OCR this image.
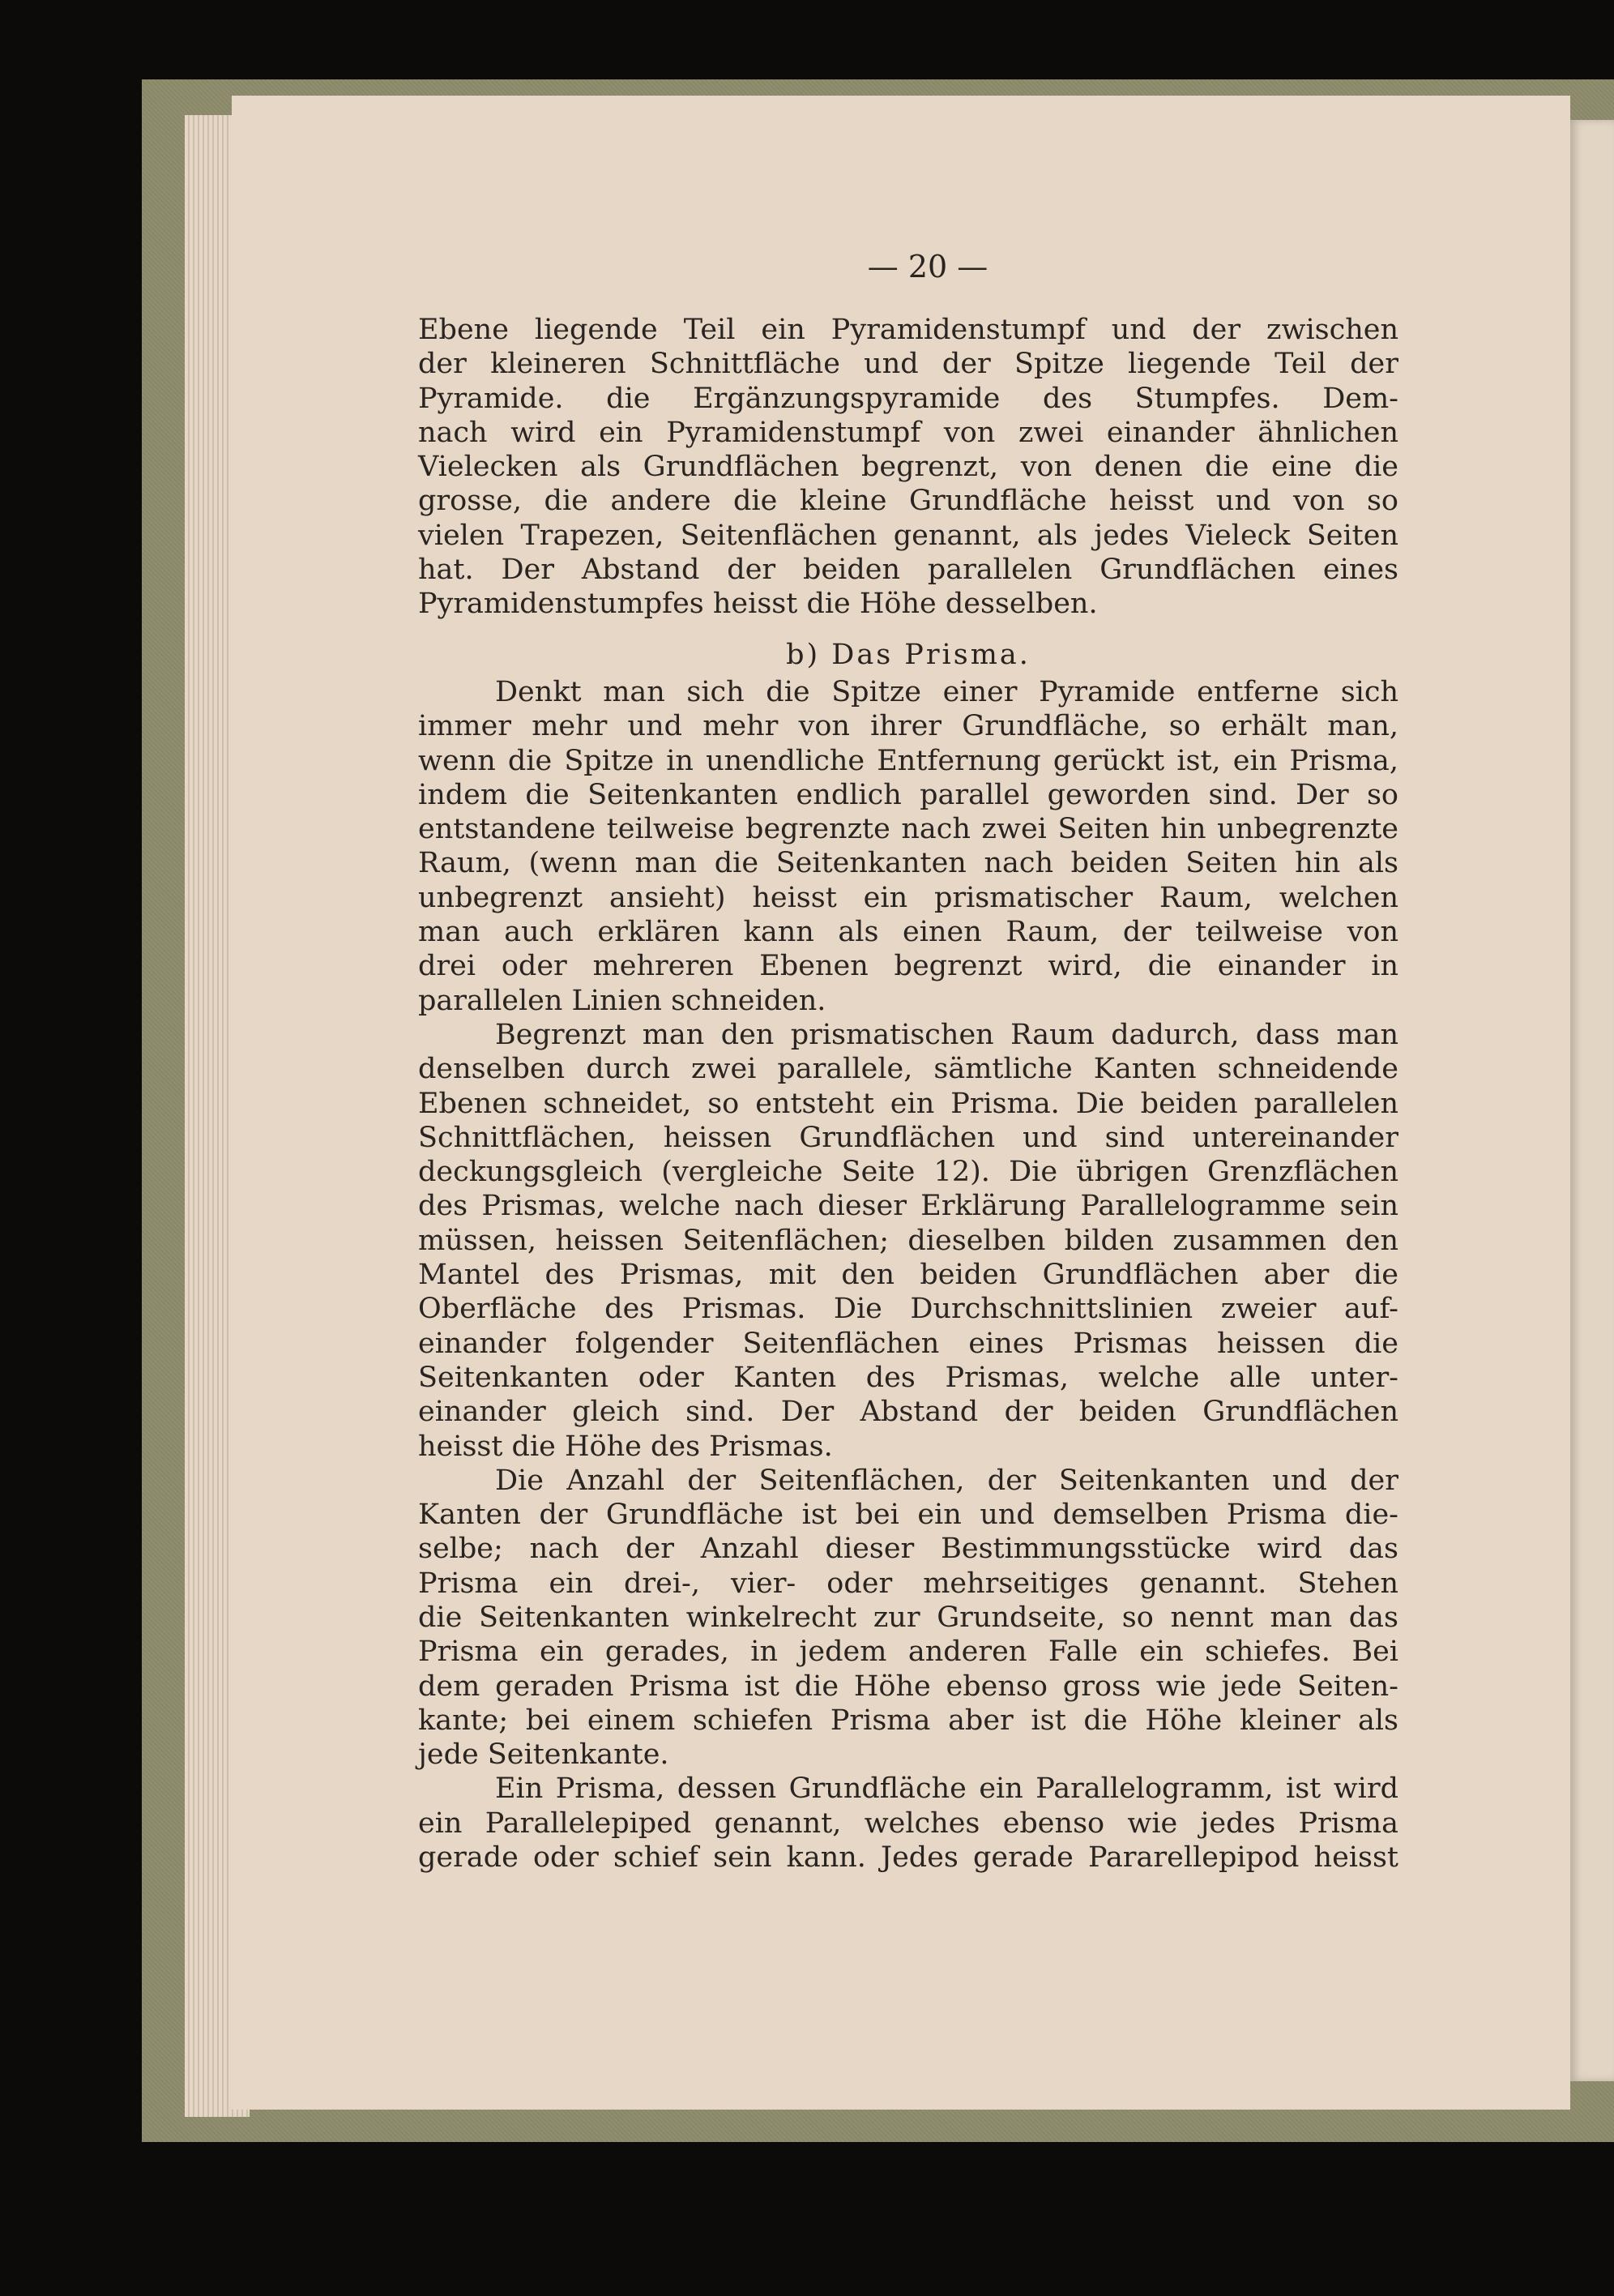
— 20 —
Ebene liegende Teil ein Pyramidenstumpf und der zwischen
der kleineren Schnittfläche und der Spitze liegende Teil der
Pyramide. die Ergänzungspyramide des Stumpfes. Dem-
nach wird ein Pyramidenstumpf von zwei einander ähnlichen
Vielecken als Grundflächen begrenzt, von denen die eine die
grosse, die andere die kleine Grundfläche heisst und von so
vielen Trapezen, Seitenflächen genannt, als jedes Vieleck Seiten
hat. Der Abstand der beiden parallelen Grundflächen eines
Pyramidenstumpfes heisst die Höhe desselben.
b) Das Prisma.
Denkt man sich die Spitze einer Pyramide entferne sich
immer mehr und mehr von ihrer Grundfläche, so erhält man,
wenn die Spitze in unendliche Entfernung gerückt ist, ein Prisma,
indem die Seitenkanten endlich parallel geworden sind. Der so
entstandene teilweise begrenzte nach zwei Seiten hin unbegrenzte
Raum, (wenn man die Seitenkanten nach beiden Seiten hin als
unbegrenzt ansieht) heisst ein prismatischer Raum, welchen
man auch erklären kann als einen Raum, der teilweise von
drei oder mehreren Ebenen begrenzt wird, die einander in
parallelen Linien schneiden.
Begrenzt man den prismatischen Raum dadurch, dass man
denselben durch zwei parallele, sämtliche Kanten schneidende
Ebenen schneidet, so entsteht ein Prisma. Die beiden parallelen
Schnittflächen, heissen Grundflächen und sind untereinander
deckungsgleich (vergleiche Seite 12). Die übrigen Grenzflächen
des Prismas, welche nach dieser Erklärung Parallelogramme sein
müssen, heissen Seitenflächen; dieselben bilden zusammen den
Mantel des Prismas, mit den beiden Grundflächen aber die
Oberfläche des Prismas. Die Durchschnittslinien zweier auf-
einander folgender Seitenflächen eines Prismas heissen die
Seitenkanten oder Kanten des Prismas, welche alle unter-
einander gleich sind. Der Abstand der beiden Grundflächen
heisst die Höhe des Prismas.
Die Anzahl der Seitenflächen, der Seitenkanten und der
Kanten der Grundfläche ist bei ein und demselben Prisma die-
selbe; nach der Anzahl dieser Bestimmungsstücke wird das
Prisma ein drei-, vier- oder mehrseitiges genannt. Stehen
die Seitenkanten winkelrecht zur Grundseite, so nennt man das
Prisma ein gerades, in jedem anderen Falle ein schiefes. Bei
dem geraden Prisma ist die Höhe ebenso gross wie jede Seiten-
kante; bei einem schiefen Prisma aber ist die Höhe kleiner als
jede Seitenkante.
Ein Prisma, dessen Grundfläche ein Parallelogramm, ist wird
ein Parallelepiped genannt, welches ebenso wie jedes Prisma
gerade oder schief sein kann. Jedes gerade Pararellepipod heisst
